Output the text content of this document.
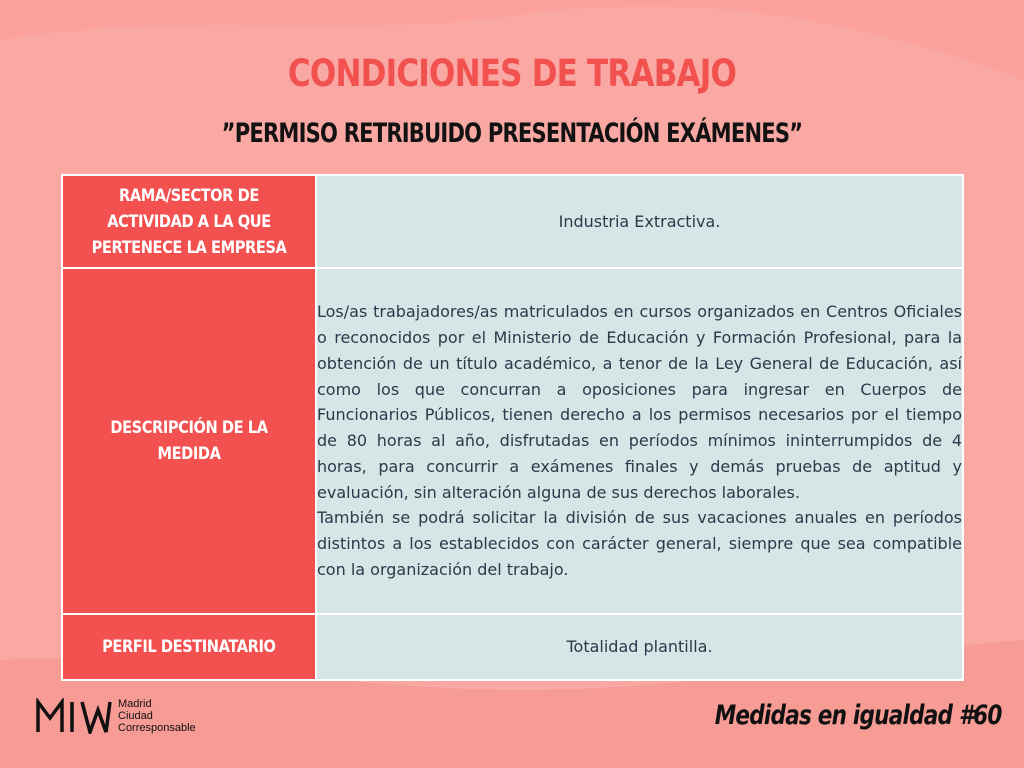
CONDICIONES DE TRABAJO
”PERMISO RETRIBUIDO PRESENTACIÓN EXÁMENES”
RAMA/SECTOR DE ACTIVIDAD A LA QUE PERTENECE LA EMPRESA	Industria Extractiva.
DESCRIPCIÓN DE LA MEDIDA	Los/as trabajadores/as matriculados en cursos organizados en Centros Oficiales o reconocidos por el Ministerio de Educación y Formación Profesional, para la obtención de un título académico, a tenor de la Ley General de Educación, así como los que concurran a oposiciones para ingresar en Cuerpos de Funcionarios Públicos, tienen derecho a los permisos necesarios por el tiempo de 80 horas al año, disfrutadas en períodos mínimos ininterrumpidos de 4 horas, para concurrir a exámenes finales y demás pruebas de aptitud y evaluación, sin alteración alguna de sus derechos laborales.

También se podrá solicitar la división de sus vacaciones anuales en períodos distintos a los establecidos con carácter general, siempre que sea compatible con la organización del trabajo.

PERFIL DESTINATARIO	Totalidad plantilla.
Madrid
Ciudad
Corresponsable	Medidas en igualdad #60
